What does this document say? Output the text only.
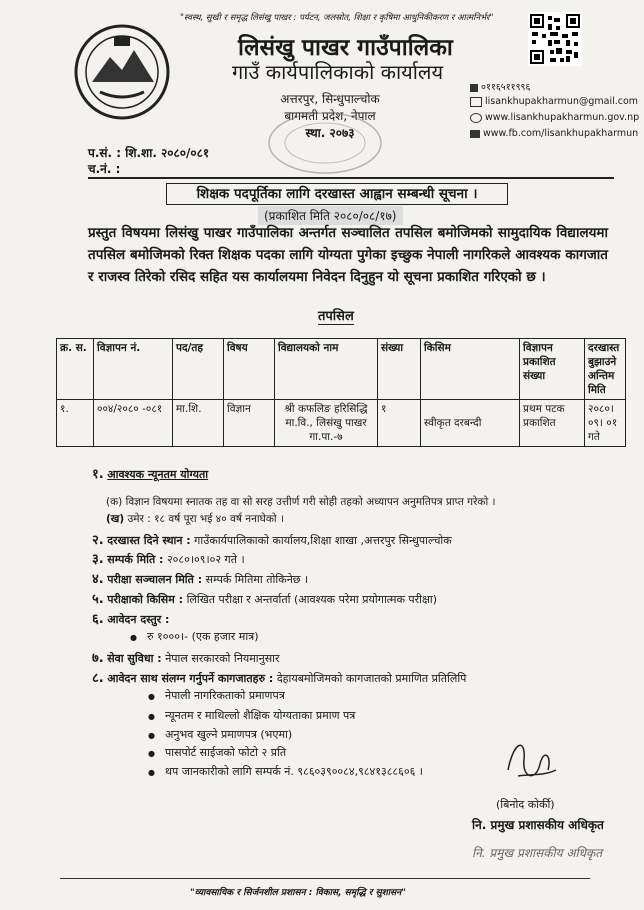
"स्वस्थ, सुखी र समृद्ध लिसंखु पाखर : पर्यटन, जलस्रोत, शिक्षा र कृषिमा आधुनिकीकरण र आत्मनिर्भर"
लिसंखु पाखर गाउँपालिका
गाउँ कार्यपालिकाको कार्यालय
अत्तरपुर, सिन्धुपाल्चोक
बागमती प्रदेश, नेपाल
स्था. २०७३
०११६५११९९६
lisankhupakharmun@gmail.com
www.lisankhupakharmun.gov.np
www.fb.com/lisankhupakharmun
प.सं. : शि.शा. २०८०/०८१
च.नं. :
शिक्षक पदपूर्तिका लागि दरखास्त आह्वान सम्बन्धी सूचना ।
(प्रकाशित मिति २०८०/०८/१७)
प्रस्तुत विषयमा लिसंखु पाखर गाउँपालिका अन्तर्गत सञ्चालित तपसिल बमोजिमको सामुदायिक विद्यालयमा तपसिल बमोजिमको रिक्त शिक्षक पदका लागि योग्यता पुगेका इच्छुक नेपाली नागरिकले आवश्यक कागजात र राजस्व तिरेको रसिद सहित यस कार्यालयमा निवेदन दिनुहुन यो सूचना प्रकाशित गरिएको छ ।
तपसिल
क्र. स.	विज्ञापन नं.	पद/तह	विषय	विद्यालयको नाम	संख्या	किसिम	विज्ञापन प्रकाशित संख्या	दरखास्त बुझाउने अन्तिम मिति
१.	००४/२०८० -०८१	मा.शि.	विज्ञान	श्री कफलिङ हरिसिद्धि मा.वि., लिसंखु पाखर गा.पा.-७	१	स्वीकृत दरबन्दी	प्रथम पटक प्रकाशित	२०८०।०९। ०१ गते
१. आवश्यक न्यूनतम योग्यता
(क) विज्ञान विषयमा स्नातक तह वा सो सरह उत्तीर्ण गरी सोही तहको अध्यापन अनुमतिपत्र प्राप्त गरेको ।
(ख) उमेर : १८ वर्ष पूरा भई ४० वर्ष ननाघेको ।
२. दरखास्त दिने स्थान : गाउँकार्यपालिकाको कार्यालय,शिक्षा शाखा ,अत्तरपुर सिन्धुपाल्चोक
३. सम्पर्क मिति : २०८०।०९।०२ गते ।
४. परीक्षा सञ्चालन मिति : सम्पर्क मितिमा तोकिनेछ ।
५. परीक्षाको किसिम : लिखित परीक्षा र अन्तर्वार्ता (आवश्यक परेमा प्रयोगात्मक परीक्षा)
६. आवेदन दस्तुर :
● रु १०००।- (एक हजार मात्र)
७. सेवा सुविधा : नेपाल सरकारको नियमानुसार
८. आवेदन साथ संलग्न गर्नुपर्ने कागजातहरु : देहायबमोजिमको कागजातको प्रमाणित प्रतिलिपि
● नेपाली नागरिकताको प्रमाणपत्र
● न्यूनतम र माथिल्लो शैक्षिक योग्यताका प्रमाण पत्र
● अनुभव खुल्ने प्रमाणपत्र (भएमा)
● पासपोर्ट साईजको फोटो २ प्रति
● थप जानकारीको लागि सम्पर्क नं. ९८६०३९००८४,९८४१३८८६०६ ।
(बिनोद कोर्की)
नि. प्रमुख प्रशासकीय अधिकृत
नि. प्रमुख प्रशासकीय अधिकृत
"व्यावसायिक र सिर्जनशील प्रशासन : विकास, समृद्धि र सुशासन"
